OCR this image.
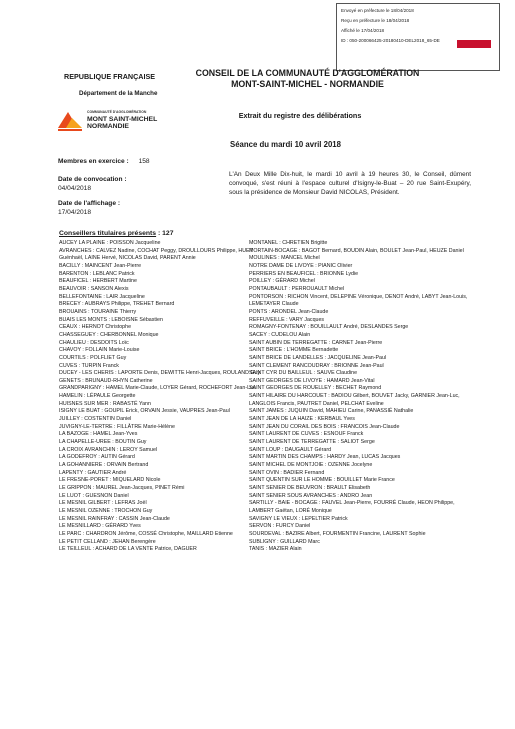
Envoyé en préfecture le 18/04/2018
Reçu en préfecture le 18/04/2018
Affiché le 17/04/2018
ID : 050-200066425-20180410-DEL2018_65-DE
REPUBLIQUE FRANÇAISE
Département de la Manche
COMMUNAUTÉ D'AGGLOMÉRATION
MONT SAINT-MICHEL
NORMANDIE
CONSEIL DE LA COMMUNAUTÉ D'AGGLOMÉRATION
MONT-SAINT-MICHEL - NORMANDIE
Extrait du registre des délibérations
Séance du mardi 10 avril 2018
Membres en exercice : 158
Date de convocation :
04/04/2018
Date de l'affichage :
17/04/2018
L'An Deux Mille Dix-huit, le mardi 10 avril à 19 heures 30, le Conseil, dûment convoqué, s'est réuni à l'espace culturel d'Isigny-le-Buat – 20 rue Saint-Exupéry, sous la présidence de Monsieur David NICOLAS, Président.
Conseillers titulaires présents : 127
AUCEY LA PLAINE : POISSON Jacqueline
AVRANCHES : CALVEZ Nadine, COCHAT Peggy, DROULLOURS Philippe, HUET Guénhaël, LAINE Hervé, NICOLAS David, PARENT Annie
BACILLY : MAINCENT Jean-Pierre
BARENTON : LEBLANC Patrick
BEAUFICEL : HERBERT Martine
BEAUVOIR : SANSON Alexis
BELLEFONTAINE : LAIR Jacqueline
BRECEY : AUBRAYS Philippe, TREHET Bernard
BROUAINS : TOURAINE Thierry
BUAIS LES MONTS : LEBOISNE Sébastien
CEAUX : HERNOT Christophe
CHASSEGUEY : CHERBONNEL Monique
CHAULIEU : DESDOITS Loïc
CHAVOY : FOLLAIN Marie-Louise
COURTILS : POLFLIET Guy
CUVES : TURPIN Franck
DUCEY - LES CHERIS : LAPORTE Denis, DEWITTE Henri-Jacques, ROULAND Guy
GENETS : BRUNAUD-RHYN Catherine
GRANDPARIGNY : HAMEL Marie-Claude, LOYER Gérard, ROCHEFORT Jean-Luc
HAMELIN : LÉPAULE Georgette
HUISNES SUR MER : RABASTÉ Yann
ISIGNY LE BUAT : GOUPIL Erick, ORVAIN Jessie, VAUPRES Jean-Paul
JUILLEY : COSTENTIN Daniel
JUVIGNY-LE-TERTRE : FILLÂTRE Marie-Hélène
LA BAZOGE : HAMEL Jean-Yves
LA CHAPELLE-UREE : BOUTIN Guy
LA CROIX AVRANCHIN : LEROY Samuel
LA GODEFROY : AUTIN Gérard
LA GOHANNIERE : ORVAIN Bertrand
LAPENTY : GAUTIER André
LE FRESNE-PORET : MIQUELARD Nicole
LE GRIPPON : MAUREL Jean-Jacques, PINET Rémi
LE LUOT : GUESNON Daniel
LE MESNIL GILBERT : LEFRAS Joël
LE MESNIL OZENNE : TROCHON Guy
LE MESNIL RAINFRAY : CASSIN Jean-Claude
LE MESNILLARD : GÉRARD Yves
LE PARC : CHARDRON Jérôme, COSSÉ Christophe, MAILLARD Etienne
LE PETIT CELLAND : JEHAN Berengère
LE TEILLEUL : ACHARD DE LA VENTE Patrice, DAGUER
MONTANEL : CHRETIEN Brigitte
MORTAIN-BOCAGE : BAGOT Bernard, BOUDIN Alain, BOULET Jean-Paul, HEUZE Daniel
MOULINES : MANCEL Michel
NOTRE DAME DE LIVOYE : PIANIC Olivier
PERRIERS EN BEAUFICEL : BRIONNE Lydie
POILLEY : GÉRARD Michel
PONTAUBAULT : PERROUAULT Michel
PONTORSON : RICHON Vincent, DELEPINE Véronique, DENOT André, LABYT Jean-Louis, LEMETAYER Claude
PONTS : ARONDEL Jean-Claude
REFFUVEILLE : VARY Jacques
ROMAGNY-FONTENAY : BOUILLAULT André, DESLANDES Serge
SACEY : CUDELOU Alain
SAINT AUBIN DE TERREGATTE : CARNET Jean-Pierre
SAINT BRICE : L'HOMME Bernadette
SAINT BRICE DE LANDELLES : JACQUELINE Jean-Paul
SAINT CLEMENT RANCOUDRAY : BRIONNE Jean-Paul
SAINT CYR DU BAILLEUL : SAUVE Claudine
SAINT GEORGES DE LIVOYE : HAMARD Jean-Vital
SAINT GEORGES DE ROUELLEY : BECHET Raymond
SAINT HILAIRE DU HARCOUET : BADIOU Gilbert, BOUVET Jacky, GARNIER Jean-Luc, LANGLOIS Francis, PAUTRET Daniel, PELCHAT Eveline
SAINT JAMES : JUQUIN David, MAHIEU Carine, PANASSIÉ Nathalie
SAINT JEAN DE LA HAIZE : KERBAUL Yves
SAINT JEAN DU CORAIL DES BOIS : FRANCOIS Jean-Claude
SAINT LAURENT DE CUVES : ESNOUF Franck
SAINT LAURENT DE TERREGATTE : SALIOT Serge
SAINT LOUP : DAUGAULT Gérard
SAINT MARTIN DES CHAMPS : HARDY Jean, LUCAS Jacques
SAINT MICHEL DE MONTJOIE : OZENNE Jocelyne
SAINT OVIN : BADIER Fernand
SAINT QUENTIN SUR LE HOMME : BOUILLET Marie France
SAINT SENIER DE BEUVRON : BRAULT Elisabeth
SAINT SENIER SOUS AVRANCHES : ANDRO Jean
SARTILLY - BAIE - BOCAGE : FAUVEL Jean-Pierre, FOURRÉ Claude, HEON Philippe, LAMBERT Gaëtan, LORÉ Monique
SAVIGNY LE VIEUX : LEPELTIER Patrick
SERVON : FURCY Daniel
SOURDEVAL : BAZIRE Albert, FOURMENTIN Francine, LAURENT Sophie
SUBLIGNY : GUILLARD Marc
TANIS : MAZIER Alain
